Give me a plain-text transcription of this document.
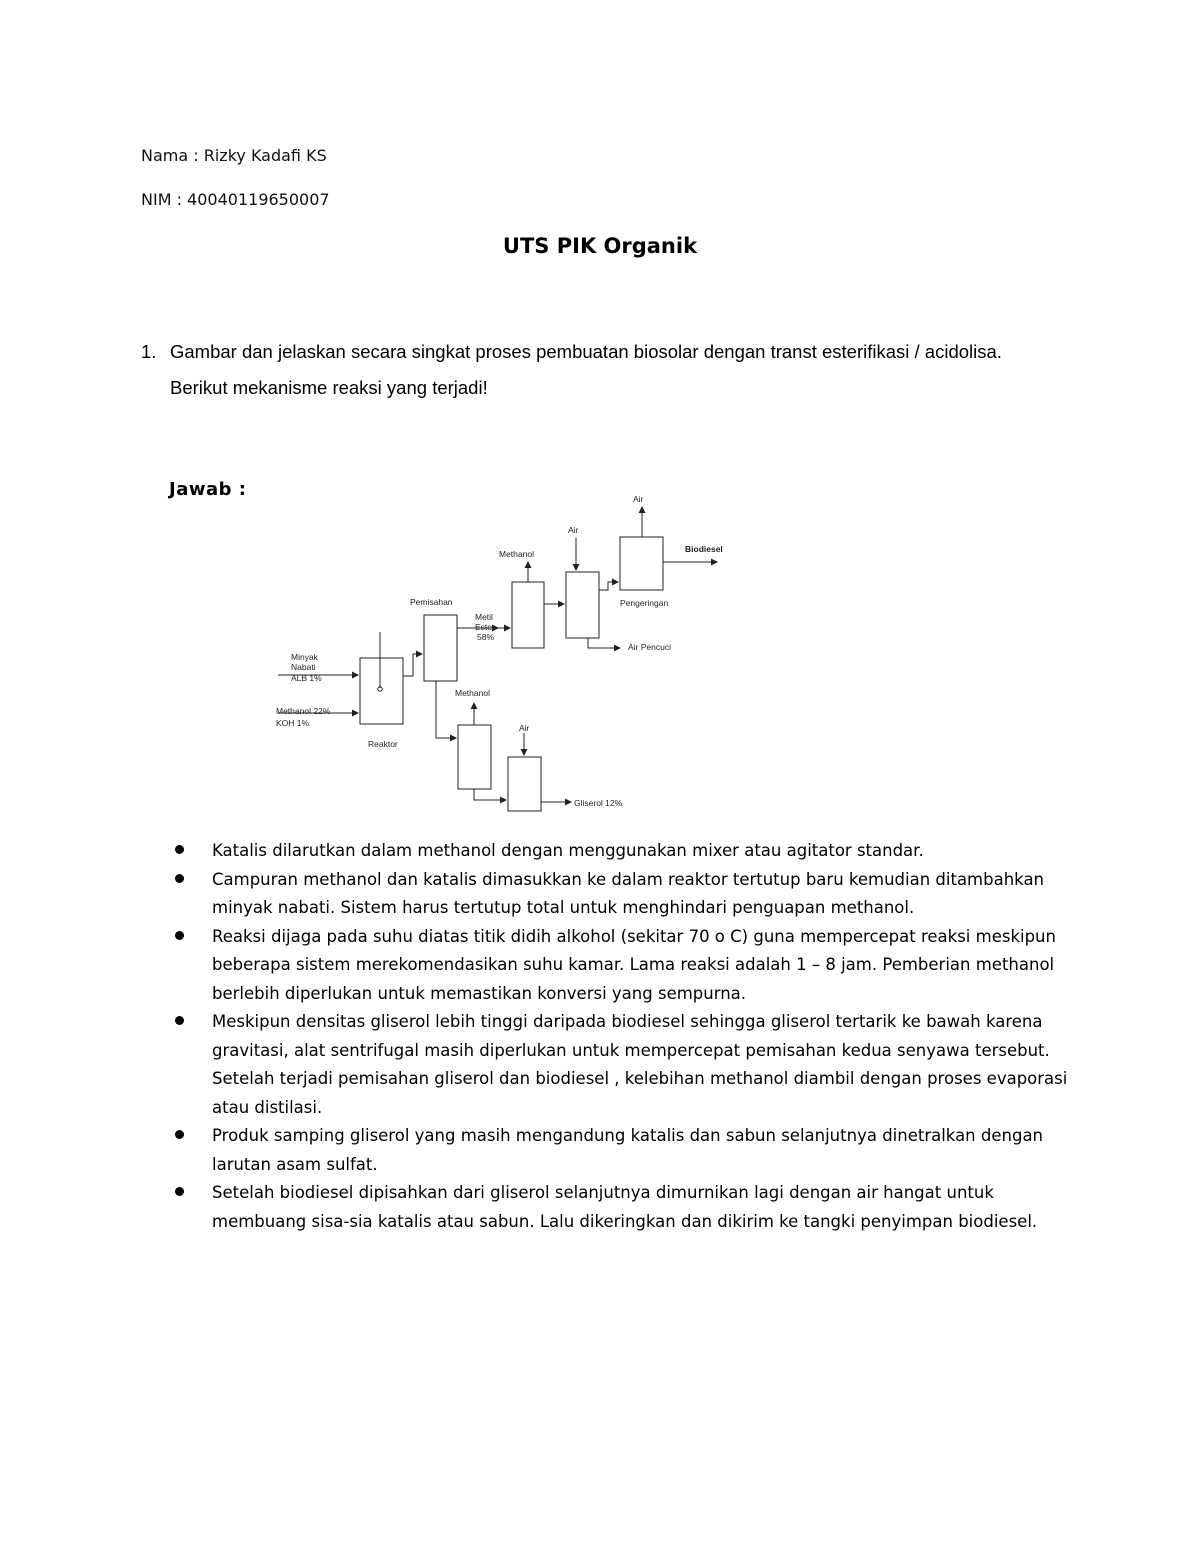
Nama : Rizky Kadafi KS
NIM : 40040119650007
UTS PIK Organik
1. Gambar dan jelaskan secara singkat proses pembuatan biosolar dengan transt esterifikasi / acidolisa. Berikut mekanisme reaksi yang terjadi!
Jawab :	Air
Air
Methanol	Biodiesel
Pengeringan
Pemisahan
Metil
Ester
58%
Air Pencuci
Minyak
Nabati
ALB 1%
Methanol 22%
KOH 1%
Reaktor
Methanol
Air
Gliserol 12%
Katalis dilarutkan dalam methanol dengan menggunakan mixer atau agitator standar.
Campuran methanol dan katalis dimasukkan ke dalam reaktor tertutup baru kemudian ditambahkan minyak nabati. Sistem harus tertutup total untuk menghindari penguapan methanol.
Reaksi dijaga pada suhu diatas titik didih alkohol (sekitar 70 o C) guna mempercepat reaksi meskipun beberapa sistem merekomendasikan suhu kamar. Lama reaksi adalah 1 – 8 jam. Pemberian methanol berlebih diperlukan untuk memastikan konversi yang sempurna.
Meskipun densitas gliserol lebih tinggi daripada biodiesel sehingga gliserol tertarik ke bawah karena gravitasi, alat sentrifugal masih diperlukan untuk mempercepat pemisahan kedua senyawa tersebut. Setelah terjadi pemisahan gliserol dan biodiesel , kelebihan methanol diambil dengan proses evaporasi atau distilasi.
Produk samping gliserol yang masih mengandung katalis dan sabun selanjutnya dinetralkan dengan larutan asam sulfat.
Setelah biodiesel dipisahkan dari gliserol selanjutnya dimurnikan lagi dengan air hangat untuk membuang sisa-sia katalis atau sabun. Lalu dikeringkan dan dikirim ke tangki penyimpan biodiesel.
